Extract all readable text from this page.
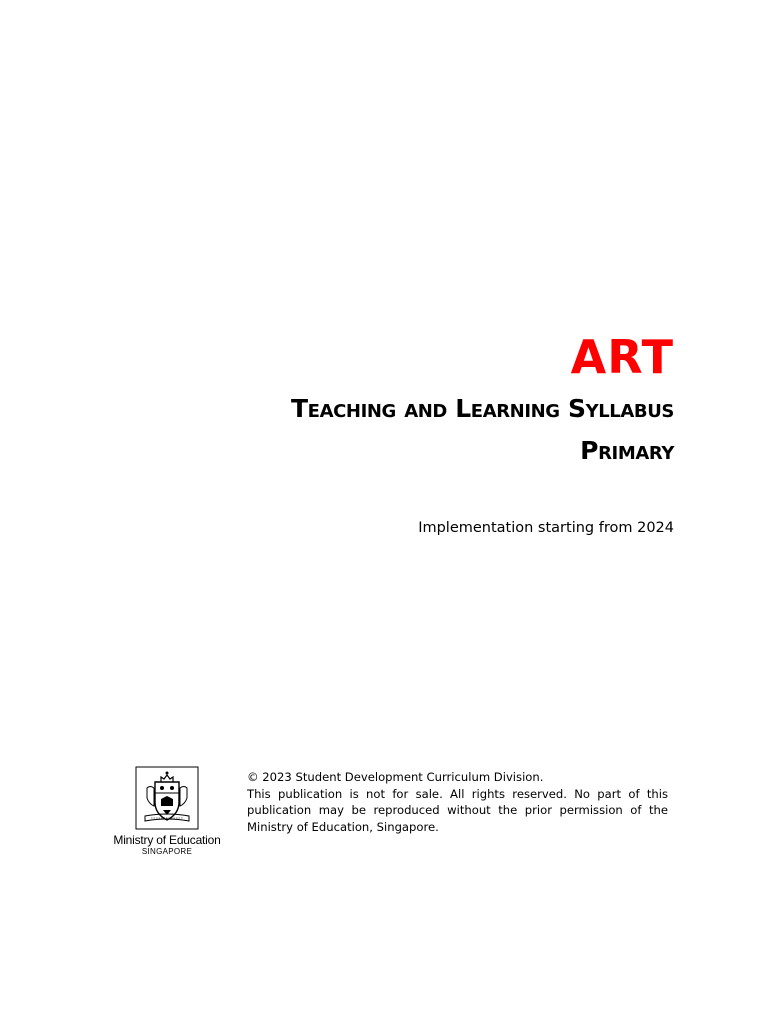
ART
Teaching and Learning Syllabus
Primary
Implementation starting from 2024
Ministry of Education
SINGAPORE

© 2023 Student Development Curriculum Division.

This publication is not for sale. All rights reserved. No part of this publication may be reproduced without the prior permission of the Ministry of Education, Singapore.
